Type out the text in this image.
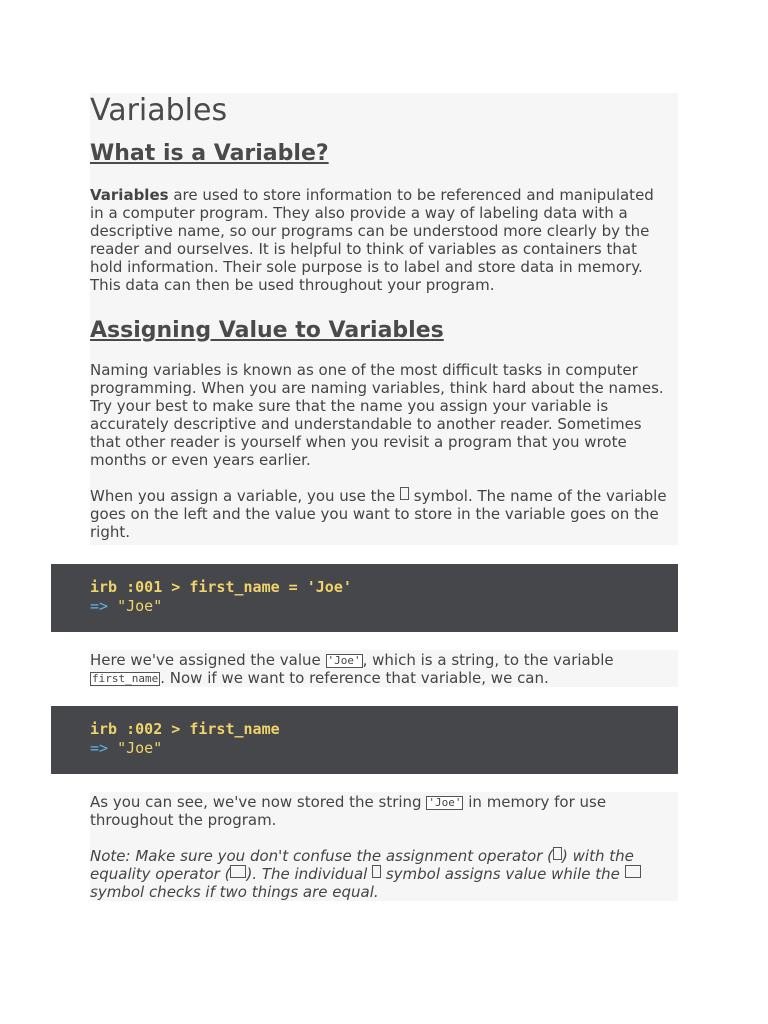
Variables
What is a Variable?

Variables are used to store information to be referenced and manipulated in a computer program. They also provide a way of labeling data with a descriptive name, so our programs can be understood more clearly by the reader and ourselves. It is helpful to think of variables as containers that hold information. Their sole purpose is to label and store data in memory. This data can then be used throughout your program.

Assigning Value to Variables

Naming variables is known as one of the most difficult tasks in computer programming. When you are naming variables, think hard about the names. Try your best to make sure that the name you assign your variable is accurately descriptive and understandable to another reader. Sometimes that other reader is yourself when you revisit a program that you wrote months or even years earlier.

When you assign a variable, you use the  symbol. The name of the variable goes on the left and the value you want to store in the variable goes on the right.

irb :001 > first_name = 'Joe'
=> "Joe"

Here we've assigned the value 'Joe' , which is a string, to the variable first_name . Now if we want to reference that variable, we can.

irb :002 > first_name
=> "Joe"

As you can see, we've now stored the string 'Joe' in memory for use throughout the program.

Note: Make sure you don't confuse the assignment operator ( ) with the equality operator ( ). The individual  symbol assigns value while the  symbol checks if two things are equal.
